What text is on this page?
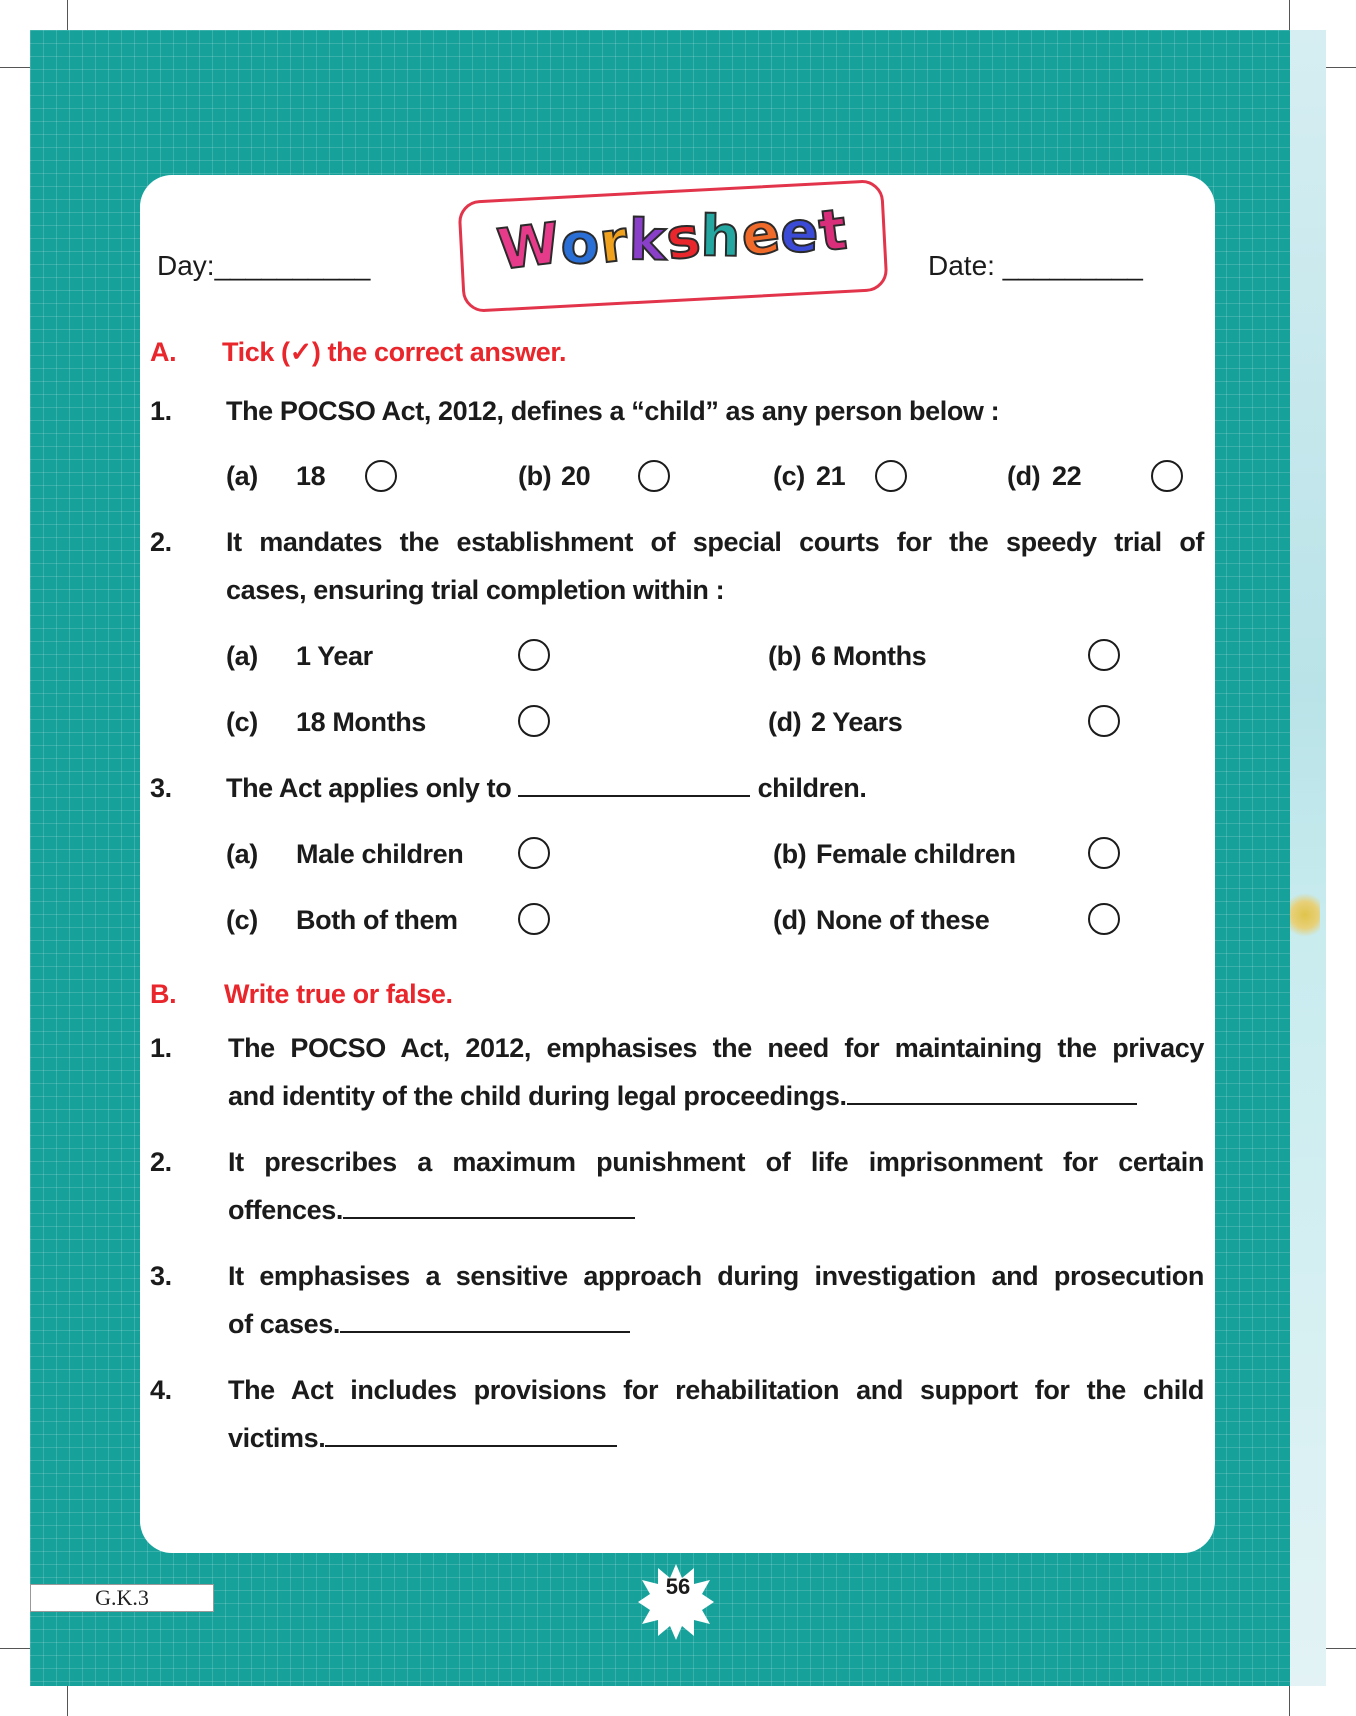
Day:__________	Worksheet
Date: _________
A.	Tick (✓) the correct answer.
1.	The POCSO Act, 2012, defines a “child” as any person below :
(a) 18	(b) 20	(c) 21	(d) 22
2.	It mandates the establishment of special courts for the speedy trial of
cases, ensuring trial completion within :
(a) 1 Year	(b) 6 Months
(c) 18 Months	(d) 2 Years
3.	The Act applies only to	children.
(a) Male children	(b) Female children
(c) Both of them	(d) None of these
B.	Write true or false.
1.	The POCSO Act, 2012, emphasises the need for maintaining the privacy
and identity of the child during legal proceedings.
2.	It prescribes a maximum punishment of life imprisonment for certain
offences.
3.	It emphasises a sensitive approach during investigation and prosecution
of cases.
4.	The Act includes provisions for rehabilitation and support for the child
victims.
G.K.3	56
